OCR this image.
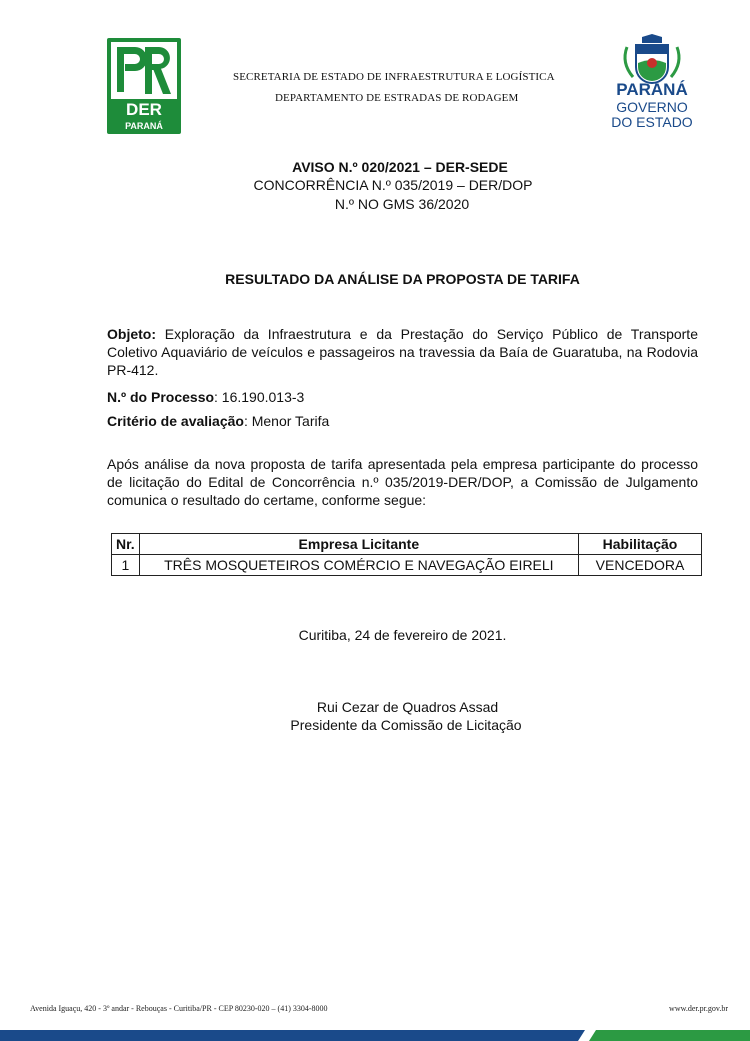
DER
PARANÁ
SECRETARIA DE ESTADO DE INFRAESTRUTURA E LOGÍSTICA
DEPARTAMENTO DE ESTRADAS DE RODAGEM	PARANÁ
GOVERNO
DO ESTADO
AVISO N.º 020/2021 – DER-SEDE
CONCORRÊNCIA N.º 035/2019 – DER/DOP
N.º NO GMS 36/2020
RESULTADO DA ANÁLISE DA PROPOSTA DE TARIFA
Objeto: Exploração da Infraestrutura e da Prestação do Serviço Público de Transporte Coletivo Aquaviário de veículos e passageiros na travessia da Baía de Guaratuba, na Rodovia PR-412.
N.º do Processo: 16.190.013-3
Critério de avaliação: Menor Tarifa
Após análise da nova proposta de tarifa apresentada pela empresa participante do processo de licitação do Edital de Concorrência n.º 035/2019-DER/DOP, a Comissão de Julgamento comunica o resultado do certame, conforme segue:
Nr.	Empresa Licitante	Habilitação
1	TRÊS MOSQUETEIROS COMÉRCIO E NAVEGAÇÃO EIRELI	VENCEDORA
Curitiba, 24 de fevereiro de 2021.
Rui Cezar de Quadros Assad
Presidente da Comissão de Licitação
Avenida Iguaçu, 420 - 3º andar - Rebouças - Curitiba/PR - CEP 80230-020 – (41) 3304-8000	www.der.pr.gov.br
